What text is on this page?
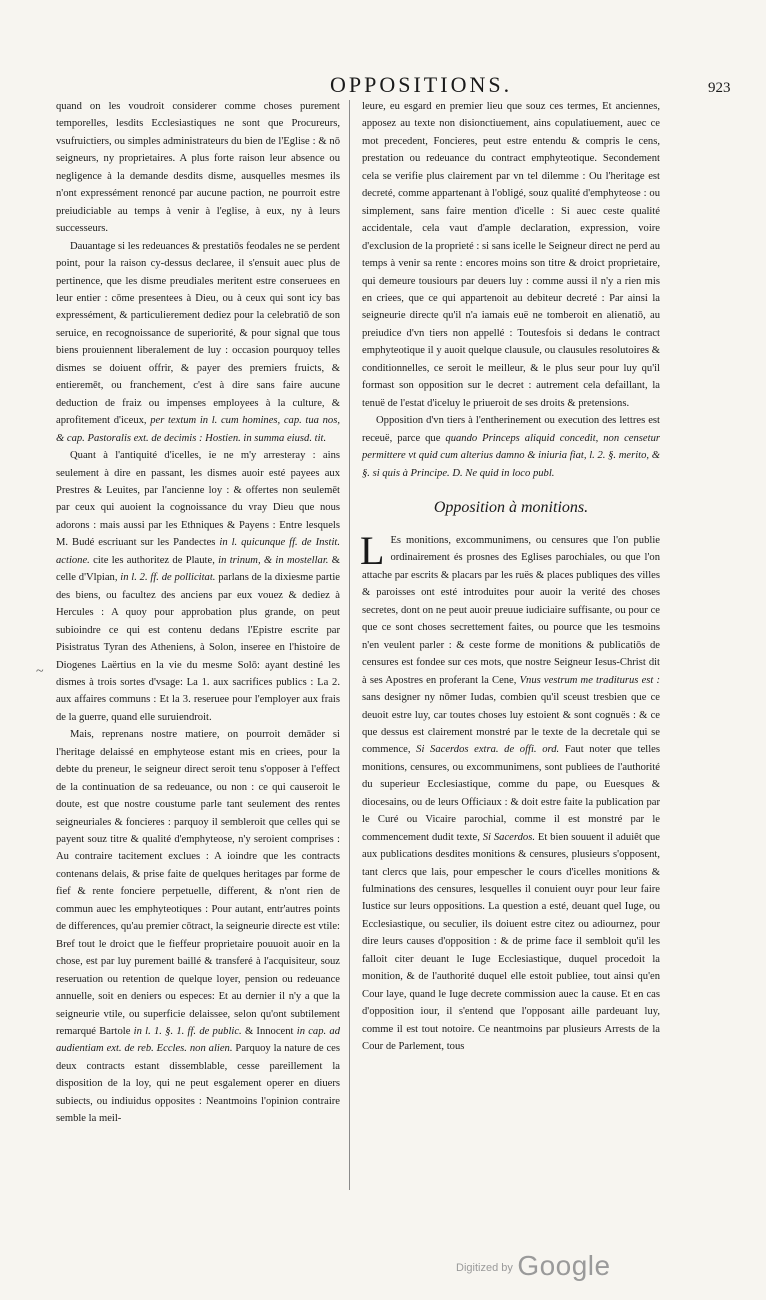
OPPOSITIONS.	923

quand on les voudroit considerer comme choses purement temporelles, lesdits Ecclesiastiques ne sont que Procureurs, vsufruictiers, ou simples administrateurs du bien de l'Eglise : & nō seigneurs, ny proprietaires. A plus forte raison leur absence ou negligence à la demande desdits disme, ausquelles mesmes ils n'ont expressément renoncé par aucune paction, ne pourroit estre preiudiciable au temps à venir à l'eglise, à eux, ny à leurs successeurs.

Dauantage si les redeuances & prestatiōs feodales ne se perdent point, pour la raison cy-dessus declaree, il s'ensuit auec plus de pertinence, que les disme preudiales meritent estre conseruees en leur entier : cōme presentees à Dieu, ou à ceux qui sont icy bas expressément, & particulierement dediez pour la celebratiō de son seruice, en recognoissance de superiorité, & pour signal que tous biens prouiennent liberalement de luy : occasion pourquoy telles dismes se doiuent offrir, & payer des premiers fruicts, & entieremēt, ou franchement, c'est à dire sans faire aucune deduction de fraiz ou impenses employees à la culture, & aprofitement d'iceux, per textum in l. cum homines, cap. tua nos, & cap. Pastoralis ext. de decimis : Hostien. in summa eiusd. tit.

Quant à l'antiquité d'icelles, ie ne m'y arresteray : ains seulement à dire en passant, les dismes auoir esté payees aux Prestres & Leuites, par l'ancienne loy : & offertes non seulemēt par ceux qui auoient la cognoissance du vray Dieu que nous adorons : mais aussi par les Ethniques & Payens : Entre lesquels M. Budé escriuant sur les Pandectes in l. quicunque ff. de Instit. actione. cite les authoritez de Plaute, in trinum, & in mostellar. & celle d'Vlpian, in l. 2. ff. de pollicitat. parlans de la dixiesme partie des biens, ou facultez des anciens par eux vouez & dediez à Hercules : A quoy pour approbation plus grande, on peut subioindre ce qui est contenu dedans l'Epistre escrite par Pisistratus Tyran des Atheniens, à Solon, inseree en l'histoire de Diogenes Laërtius en la vie du mesme Solō: ayant destiné les dismes à trois sortes d'vsage: La 1. aux sacrifices publics : La 2. aux affaires communs : Et la 3. reseruee pour l'employer aux frais de la guerre, quand elle suruiendroit.

Mais, reprenans nostre matiere, on pourroit demāder si l'heritage delaissé en emphyteose estant mis en criees, pour la debte du preneur, le seigneur direct seroit tenu s'opposer à l'effect de la continuation de sa redeuance, ou non : ce qui causeroit le doute, est que nostre coustume parle tant seulement des rentes seigneuriales & foncieres : parquoy il sembleroit que celles qui se payent souz titre & qualité d'emphyteose, n'y seroient comprises : Au contraire tacitement exclues : A ioindre que les contracts contenans delais, & prise faite de quelques heritages par forme de fief & rente fonciere perpetuelle, different, & n'ont rien de commun auec les emphyteotiques : Pour autant, entr'autres points de differences, qu'au premier cōtract, la seigneurie directe est vtile: Bref tout le droict que le fieffeur proprietaire pouuoit auoir en la chose, est par luy purement baillé & transferé à l'acquisiteur, souz reseruation ou retention de quelque loyer, pension ou redeuance annuelle, soit en deniers ou especes: Et au dernier il n'y a que la seigneurie vtile, ou superficie delaissee, selon qu'ont subtilement remarqué Bartole in l. 1. §. 1. ff. de public. & Innocent in cap. ad audientiam ext. de reb. Eccles. non alien. Parquoy la nature de ces deux contracts estant dissemblable, cesse pareillement la disposition de la loy, qui ne peut esgalement operer en diuers subiects, ou indiuidus opposites : Neantmoins l'opinion contraire semble la meil-

leure, eu esgard en premier lieu que souz ces termes, Et anciennes, apposez au texte non disionctiuement, ains copulatiuement, auec ce mot precedent, Foncieres, peut estre entendu & compris le cens, prestation ou redeuance du contract emphyteotique. Secondement cela se verifie plus clairement par vn tel dilemme : Ou l'heritage est decreté, comme appartenant à l'obligé, souz qualité d'emphyteose : ou simplement, sans faire mention d'icelle : Si auec ceste qualité accidentale, cela vaut d'ample declaration, expression, voire d'exclusion de la proprieté : si sans icelle le Seigneur direct ne perd au temps à venir sa rente : encores moins son titre & droict proprietaire, qui demeure tousiours par deuers luy : comme aussi il n'y a rien mis en criees, que ce qui appartenoit au debiteur decreté : Par ainsi la seigneurie directe qu'il n'a iamais euë ne tomberoit en alienatiō, au preiudice d'vn tiers non appellé : Toutesfois si dedans le contract emphyteotique il y auoit quelque clausule, ou clausules resolutoires & conditionnelles, ce seroit le meilleur, & le plus seur pour luy qu'il formast son opposition sur le decret : autrement cela defaillant, la tenuë de l'estat d'iceluy le priueroit de ses droits & pretensions.

Opposition d'vn tiers à l'entherinement ou execution des lettres est receuë, parce que quando Princeps aliquid concedit, non censetur permittere vt quid cum alterius damno & iniuria fiat, l. 2. §. merito, & §. si quis à Principe. D. Ne quid in loco publ.

Opposition à monitions.

L Es monitions, excommunimens, ou censures que l'on publie ordinairement és prosnes des Eglises parochiales, ou que l'on attache par escrits & placars par les ruës & places publiques des villes & paroisses ont esté introduites pour auoir la verité des choses secretes, dont on ne peut auoir preuue iudiciaire suffisante, ou pour ce que ce sont choses secrettement faites, ou pource que les tesmoins n'en veulent parler : & ceste forme de monitions & publicatiōs de censures est fondee sur ces mots, que nostre Seigneur Iesus-Christ dit à ses Apostres en proferant la Cene, Vnus vestrum me traditurus est : sans designer ny nōmer Iudas, combien qu'il sceust tresbien que ce deuoit estre luy, car toutes choses luy estoient & sont cognuës : & ce que dessus est clairement monstré par le texte de la decretale qui se commence, Si Sacerdos extra. de offi. ord. Faut noter que telles monitions, censures, ou excommunimens, sont publiees de l'authorité du superieur Ecclesiastique, comme du pape, ou Euesques & diocesains, ou de leurs Officiaux : & doit estre faite la publication par le Curé ou Vicaire parochial, comme il est monstré par le commencement dudit texte, Si Sacerdos. Et bien souuent il aduiêt que aux publications desdites monitions & censures, plusieurs s'opposent, tant clercs que lais, pour empescher le cours d'icelles monitions & fulminations des censures, lesquelles il conuient ouyr pour leur faire Iustice sur leurs oppositions. La question a esté, deuant quel Iuge, ou Ecclesiastique, ou seculier, ils doiuent estre citez ou adiournez, pour dire leurs causes d'opposition : & de prime face il sembloit qu'il les falloit citer deuant le Iuge Ecclesiastique, duquel procedoit la monition, & de l'authorité duquel elle estoit publiee, tout ainsi qu'en Cour laye, quand le Iuge decrete commission auec la cause. Et en cas d'opposition iour, il s'entend que l'opposant aille pardeuant luy, comme il est tout notoire. Ce neantmoins par plusieurs Arrests de la Cour de Parlement, tous

~
$^{Digitized by}$ Google
